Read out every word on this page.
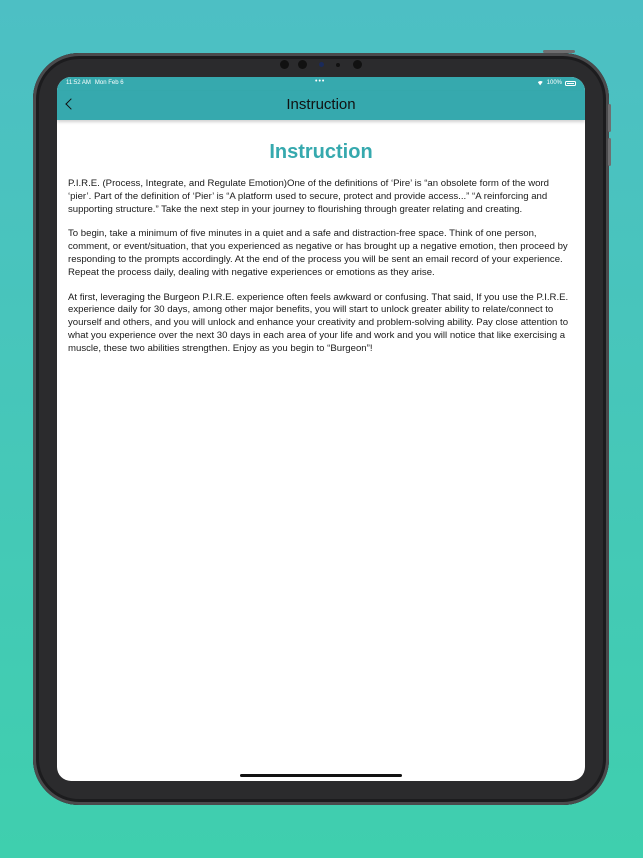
11:52 AM Mon Feb 6	•••	100%
Instruction
Instruction

P.I.R.E. (Process, Integrate, and Regulate Emotion)One of the definitions of ‘Pire’ is “an obsolete form of the word ‘pier’. Part of the definition of ‘Pier’ is “A platform used to secure, protect and provide access...” “A reinforcing and supporting structure.” Take the next step in your journey to flourishing through greater relating and creating.

To begin, take a minimum of five minutes in a quiet and a safe and distraction-free space. Think of one person, comment, or event/situation, that you experienced as negative or has brought up a negative emotion, then proceed by responding to the prompts accordingly. At the end of the process you will be sent an email record of your experience. Repeat the process daily, dealing with negative experiences or emotions as they arise.

At first, leveraging the Burgeon P.I.R.E. experience often feels awkward or confusing. That said, If you use the P.I.R.E. experience daily for 30 days, among other major benefits, you will start to unlock greater ability to relate/connect to yourself and others, and you will unlock and enhance your creativity and problem-solving ability. Pay close attention to what you experience over the next 30 days in each area of your life and work and you will notice that like exercising a muscle, these two abilities strengthen. Enjoy as you begin to “Burgeon”!
